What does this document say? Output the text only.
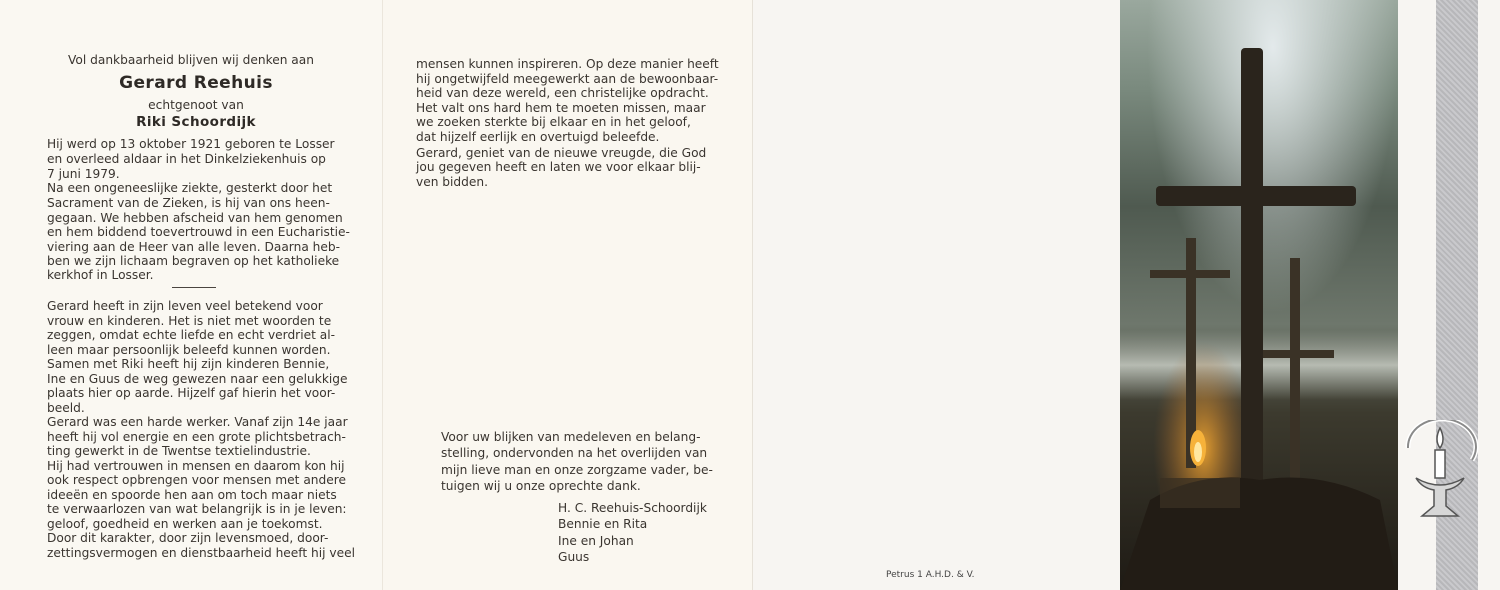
Vol dankbaarheid blijven wij denken aan
Gerard Reehuis
echtgenoot van
Riki Schoordijk
Hij werd op 13 oktober 1921 geboren te Losser
en overleed aldaar in het Dinkelziekenhuis op
7 juni 1979.
Na een ongeneeslijke ziekte, gesterkt door het
Sacrament van de Zieken, is hij van ons heen-
gegaan. We hebben afscheid van hem genomen
en hem biddend toevertrouwd in een Eucharistie-
viering aan de Heer van alle leven. Daarna heb-
ben we zijn lichaam begraven op het katholieke
kerkhof in Losser.
Gerard heeft in zijn leven veel betekend voor
vrouw en kinderen. Het is niet met woorden te
zeggen, omdat echte liefde en echt verdriet al-
leen maar persoonlijk beleefd kunnen worden.
Samen met Riki heeft hij zijn kinderen Bennie,
Ine en Guus de weg gewezen naar een gelukkige
plaats hier op aarde. Hijzelf gaf hierin het voor-
beeld.
Gerard was een harde werker. Vanaf zijn 14e jaar
heeft hij vol energie en een grote plichtsbetrach-
ting gewerkt in de Twentse textielindustrie.
Hij had vertrouwen in mensen en daarom kon hij
ook respect opbrengen voor mensen met andere
ideeën en spoorde hen aan om toch maar niets
te verwaarlozen van wat belangrijk is in je leven:
geloof, goedheid en werken aan je toekomst.
Door dit karakter, door zijn levensmoed, door-
zettingsvermogen en dienstbaarheid heeft hij veel
mensen kunnen inspireren. Op deze manier heeft
hij ongetwijfeld meegewerkt aan de bewoonbaar-
heid van deze wereld, een christelijke opdracht.
Het valt ons hard hem te moeten missen, maar
we zoeken sterkte bij elkaar en in het geloof,
dat hijzelf eerlijk en overtuigd beleefde.
Gerard, geniet van de nieuwe vreugde, die God
jou gegeven heeft en laten we voor elkaar blij-
ven bidden.
Voor uw blijken van medeleven en belang-
stelling, ondervonden na het overlijden van
mijn lieve man en onze zorgzame vader, be-
tuigen wij u onze oprechte dank.
H. C. Reehuis-Schoordijk
Bennie en Rita
Ine en Johan
Guus
Petrus 1 A.H.D. & V.
